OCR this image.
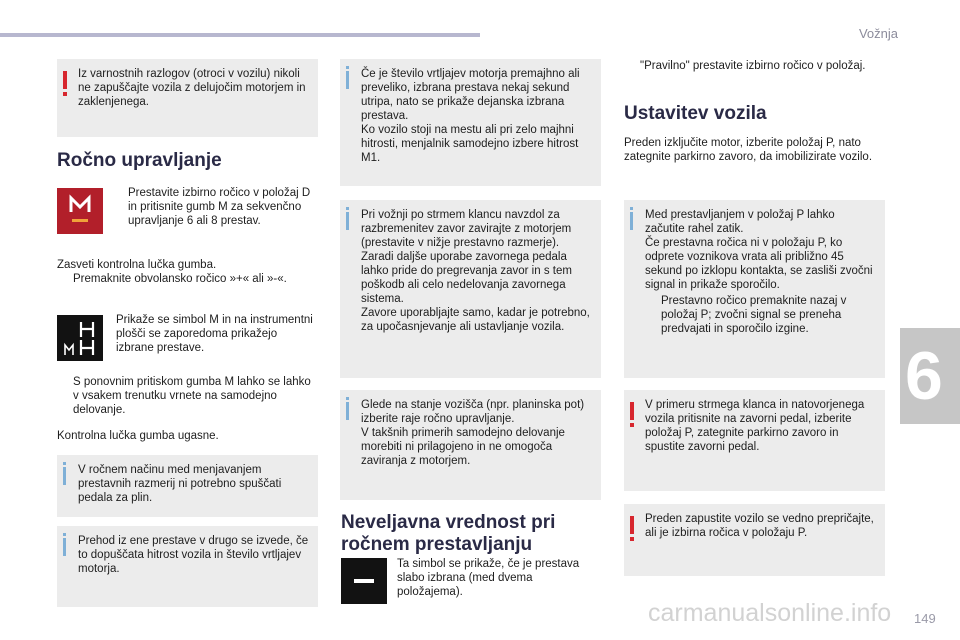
Vožnja
6
Iz varnostnih razlogov (otroci v vozilu) nikoli ne zapuščajte vozila z delujočim motorjem in zaklenjenega.
Ročno upravljanje
Prestavite izbirno ročico v položaj D in pritisnite gumb M za sekvenčno upravljanje 6 ali 8 prestav.
Zasveti kontrolna lučka gumba.
Premaknite obvolansko ročico »+« ali »-«.
Prikaže se simbol M in na instrumentni plošči se zaporedoma prikažejo izbrane prestave.
S ponovnim pritiskom gumba M lahko se lahko v vsakem trenutku vrnete na samodejno delovanje.
Kontrolna lučka gumba ugasne.
V ročnem načinu med menjavanjem prestavnih razmerij ni potrebno spuščati pedala za plin.
Prehod iz ene prestave v drugo se izvede, če to dopuščata hitrost vozila in število vrtljajev motorja.
Če je število vrtljajev motorja premajhno ali preveliko, izbrana prestava nekaj sekund utripa, nato se prikaže dejanska izbrana prestava.
Ko vozilo stoji na mestu ali pri zelo majhni hitrosti, menjalnik samodejno izbere hitrost M1.
Pri vožnji po strmem klancu navzdol za razbremenitev zavor zavirajte z motorjem (prestavite v nižje prestavno razmerje). Zaradi daljše uporabe zavornega pedala lahko pride do pregrevanja zavor in s tem poškodb ali celo nedelovanja zavornega sistema.
Zavore uporabljajte samo, kadar je potrebno, za upočasnjevanje ali ustavljanje vozila.
Glede na stanje vozišča (npr. planinska pot) izberite raje ročno upravljanje.
V takšnih primerih samodejno delovanje morebiti ni prilagojeno in ne omogoča zaviranja z motorjem.
Neveljavna vrednost pri ročnem prestavljanju
Ta simbol se prikaže, če je prestava slabo izbrana (med dvema položajema).
"Pravilno" prestavite izbirno ročico v položaj.
Ustavitev vozila
Preden izključite motor, izberite položaj P, nato zategnite parkirno zavoro, da imobilizirate vozilo.
Med prestavljanjem v položaj P lahko začutite rahel zatik.
Če prestavna ročica ni v položaju P, ko odprete voznikova vrata ali približno 45 sekund po izklopu kontakta, se zasliši zvočni signal in prikaže sporočilo.
Prestavno ročico premaknite nazaj v položaj P; zvočni signal se preneha predvajati in sporočilo izgine.
V primeru strmega klanca in natovorjenega vozila pritisnite na zavorni pedal, izberite položaj P, zategnite parkirno zavoro in spustite zavorni pedal.
Preden zapustite vozilo se vedno prepričajte, ali je izbirna ročica v položaju P.
carmanualsonline.info 149
